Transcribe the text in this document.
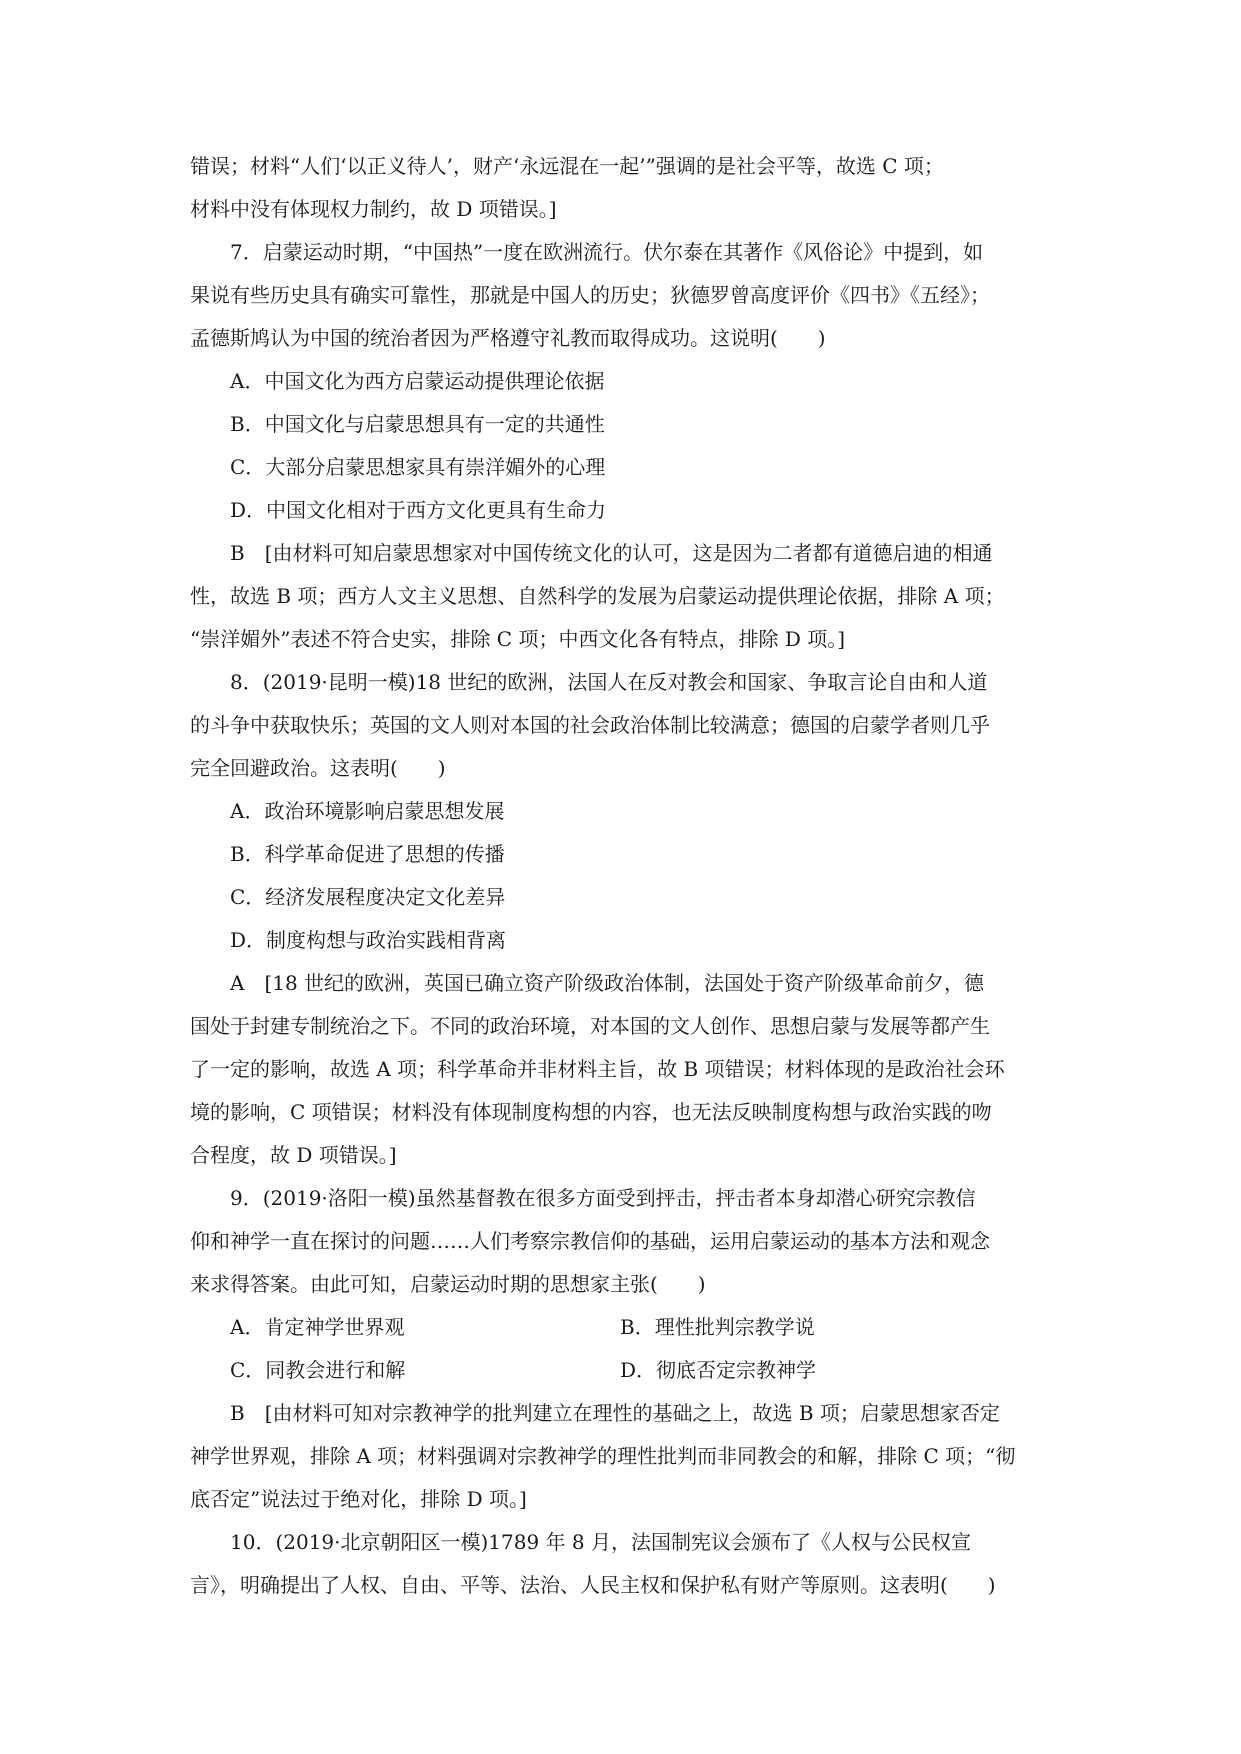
错误；材料“人们‘以正义待人’，财产‘永远混在一起’”强调的是社会平等，故选 C 项；
材料中没有体现权力制约，故 D 项错误。]
7．启蒙运动时期，“中国热”一度在欧洲流行。伏尔泰在其著作《风俗论》中提到，如
果说有些历史具有确实可靠性，那就是中国人的历史；狄德罗曾高度评价《四书》《五经》；
孟德斯鸠认为中国的统治者因为严格遵守礼教而取得成功。这说明(　　)
A．中国文化为西方启蒙运动提供理论依据
B．中国文化与启蒙思想具有一定的共通性
C．大部分启蒙思想家具有崇洋媚外的心理
D．中国文化相对于西方文化更具有生命力
B　[由材料可知启蒙思想家对中国传统文化的认可，这是因为二者都有道德启迪的相通
性，故选 B 项；西方人文主义思想、自然科学的发展为启蒙运动提供理论依据，排除 A 项；
“崇洋媚外”表述不符合史实，排除 C 项；中西文化各有特点，排除 D 项。]
8．(2019·昆明一模)18 世纪的欧洲，法国人在反对教会和国家、争取言论自由和人道
的斗争中获取快乐；英国的文人则对本国的社会政治体制比较满意；德国的启蒙学者则几乎
完全回避政治。这表明(　　)
A．政治环境影响启蒙思想发展
B．科学革命促进了思想的传播
C．经济发展程度决定文化差异
D．制度构想与政治实践相背离
A　[18 世纪的欧洲，英国已确立资产阶级政治体制，法国处于资产阶级革命前夕，德
国处于封建专制统治之下。不同的政治环境，对本国的文人创作、思想启蒙与发展等都产生
了一定的影响，故选 A 项；科学革命并非材料主旨，故 B 项错误；材料体现的是政治社会环
境的影响，C 项错误；材料没有体现制度构想的内容，也无法反映制度构想与政治实践的吻
合程度，故 D 项错误。]
9．(2019·洛阳一模)虽然基督教在很多方面受到抨击，抨击者本身却潜心研究宗教信
仰和神学一直在探讨的问题……人们考察宗教信仰的基础，运用启蒙运动的基本方法和观念
来求得答案。由此可知，启蒙运动时期的思想家主张(　　)
A．肯定神学世界观	B．理性批判宗教学说
C．同教会进行和解	D．彻底否定宗教神学
B　[由材料可知对宗教神学的批判建立在理性的基础之上，故选 B 项；启蒙思想家否定
神学世界观，排除 A 项；材料强调对宗教神学的理性批判而非同教会的和解，排除 C 项；“彻
底否定”说法过于绝对化，排除 D 项。]
10．(2019·北京朝阳区一模)1789 年 8 月，法国制宪议会颁布了《人权与公民权宣
言》，明确提出了人权、自由、平等、法治、人民主权和保护私有财产等原则。这表明(　　)
